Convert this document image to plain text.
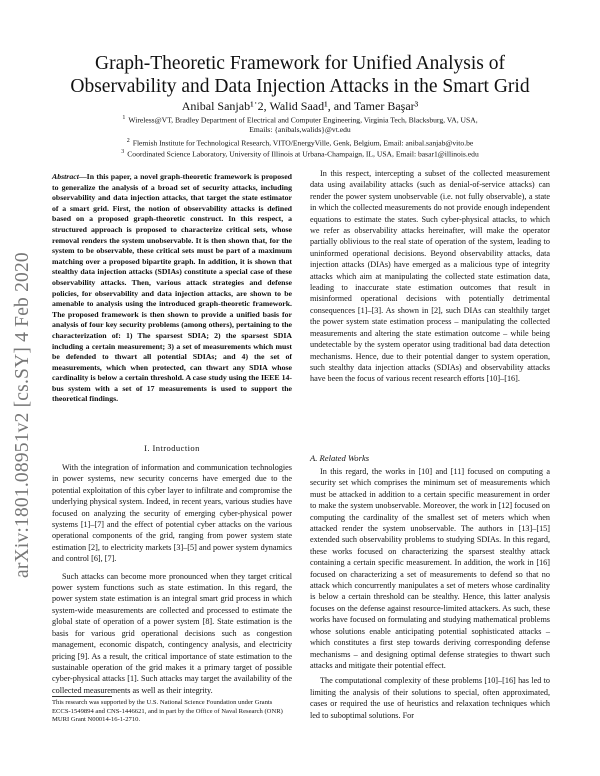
arXiv:1801.08951v2 [cs.SY] 4 Feb 2020
Graph-Theoretic Framework for Unified Analysis of Observability and Data Injection Attacks in the Smart Grid
Anibal Sanjab¹˙2, Walid Saad¹, and Tamer Başar³
$^1$ Wireless@VT, Bradley Department of Electrical and Computer Engineering, Virginia Tech, Blacksburg, VA, USA,
Emails: {anibals,walids}@vt.edu
$^2$ Flemish Institute for Technological Research, VITO/EnergyVille, Genk, Belgium, Email: anibal.sanjab@vito.be
$^3$ Coordinated Science Laboratory, University of Illinois at Urbana-Champaign, IL, USA, Email: basar1@illinois.edu
Abstract—In this paper, a novel graph-theoretic framework is proposed to generalize the analysis of a broad set of security attacks, including observability and data injection attacks, that target the state estimator of a smart grid. First, the notion of observability attacks is defined based on a proposed graph-theoretic construct. In this respect, a structured approach is proposed to characterize critical sets, whose removal renders the system unobservable. It is then shown that, for the system to be observable, these critical sets must be part of a maximum matching over a proposed bipartite graph. In addition, it is shown that stealthy data injection attacks (SDIAs) constitute a special case of these observability attacks. Then, various attack strategies and defense policies, for observability and data injection attacks, are shown to be amenable to analysis using the introduced graph-theoretic framework. The proposed framework is then shown to provide a unified basis for analysis of four key security problems (among others), pertaining to the characterization of: 1) The sparsest SDIA; 2) the sparsest SDIA including a certain measurement; 3) a set of measurements which must be defended to thwart all potential SDIAs; and 4) the set of measurements, which when protected, can thwart any SDIA whose cardinality is below a certain threshold. A case study using the IEEE 14-bus system with a set of 17 measurements is used to support the theoretical findings.
I. Introduction

With the integration of information and communication technologies in power systems, new security concerns have emerged due to the potential exploitation of this cyber layer to infiltrate and compromise the underlying physical system. Indeed, in recent years, various studies have focused on analyzing the security of emerging cyber-physical power systems [1]–[7] and the effect of potential cyber attacks on the various operational components of the grid, ranging from power system state estimation [2], to electricity markets [3]–[5] and power system dynamics and control [6], [7].

Such attacks can become more pronounced when they target critical power system functions such as state estimation. In this regard, the power system state estimation is an integral smart grid process in which system-wide measurements are collected and processed to estimate the global state of operation of a power system [8]. State estimation is the basis for various grid operational decisions such as congestion management, economic dispatch, contingency analysis, and electricity pricing [9]. As a result, the critical importance of state estimation to the sustainable operation of the grid makes it a primary target of possible cyber-physical attacks [1]. Such attacks may target the availability of the collected measurements as well as their integrity.

This research was supported by the U.S. National Science Foundation under Grants ECCS-1549894 and CNS-1446621, and in part by the Office of Naval Research (ONR) MURI Grant N00014-16-1-2710.

In this respect, intercepting a subset of the collected measurement data using availability attacks (such as denial-of-service attacks) can render the power system unobservable (i.e. not fully observable), a state in which the collected measurements do not provide enough independent equations to estimate the states. Such cyber-physical attacks, to which we refer as observability attacks hereinafter, will make the operator partially oblivious to the real state of operation of the system, leading to uninformed operational decisions. Beyond observability attacks, data injection attacks (DIAs) have emerged as a malicious type of integrity attacks which aim at manipulating the collected state estimation data, leading to inaccurate state estimation outcomes that result in misinformed operational decisions with potentially detrimental consequences [1]–[3]. As shown in [2], such DIAs can stealthily target the power system state estimation process – manipulating the collected measurements and altering the state estimation outcome – while being undetectable by the system operator using traditional bad data detection mechanisms. Hence, due to their potential danger to system operation, such stealthy data injection attacks (SDIAs) and observability attacks have been the focus of various recent research efforts [10]–[16].

A. Related Works

In this regard, the works in [10] and [11] focused on computing a security set which comprises the minimum set of measurements which must be attacked in addition to a certain specific measurement in order to make the system unobservable. Moreover, the work in [12] focused on computing the cardinality of the smallest set of meters which when attacked render the system unobservable. The authors in [13]–[15] extended such observability problems to studying SDIAs. In this regard, these works focused on characterizing the sparsest stealthy attack containing a certain specific measurement. In addition, the work in [16] focused on characterizing a set of measurements to defend so that no attack which concurrently manipulates a set of meters whose cardinality is below a certain threshold can be stealthy. Hence, this latter analysis focuses on the defense against resource-limited attackers. As such, these works have focused on formulating and studying mathematical problems whose solutions enable anticipating potential sophisticated attacks – which constitutes a first step towards deriving corresponding defense mechanisms – and designing optimal defense strategies to thwart such attacks and mitigate their potential effect.

The computational complexity of these problems [10]–[16] has led to limiting the analysis of their solutions to special, often approximated, cases or required the use of heuristics and relaxation techniques which led to suboptimal solutions. For
